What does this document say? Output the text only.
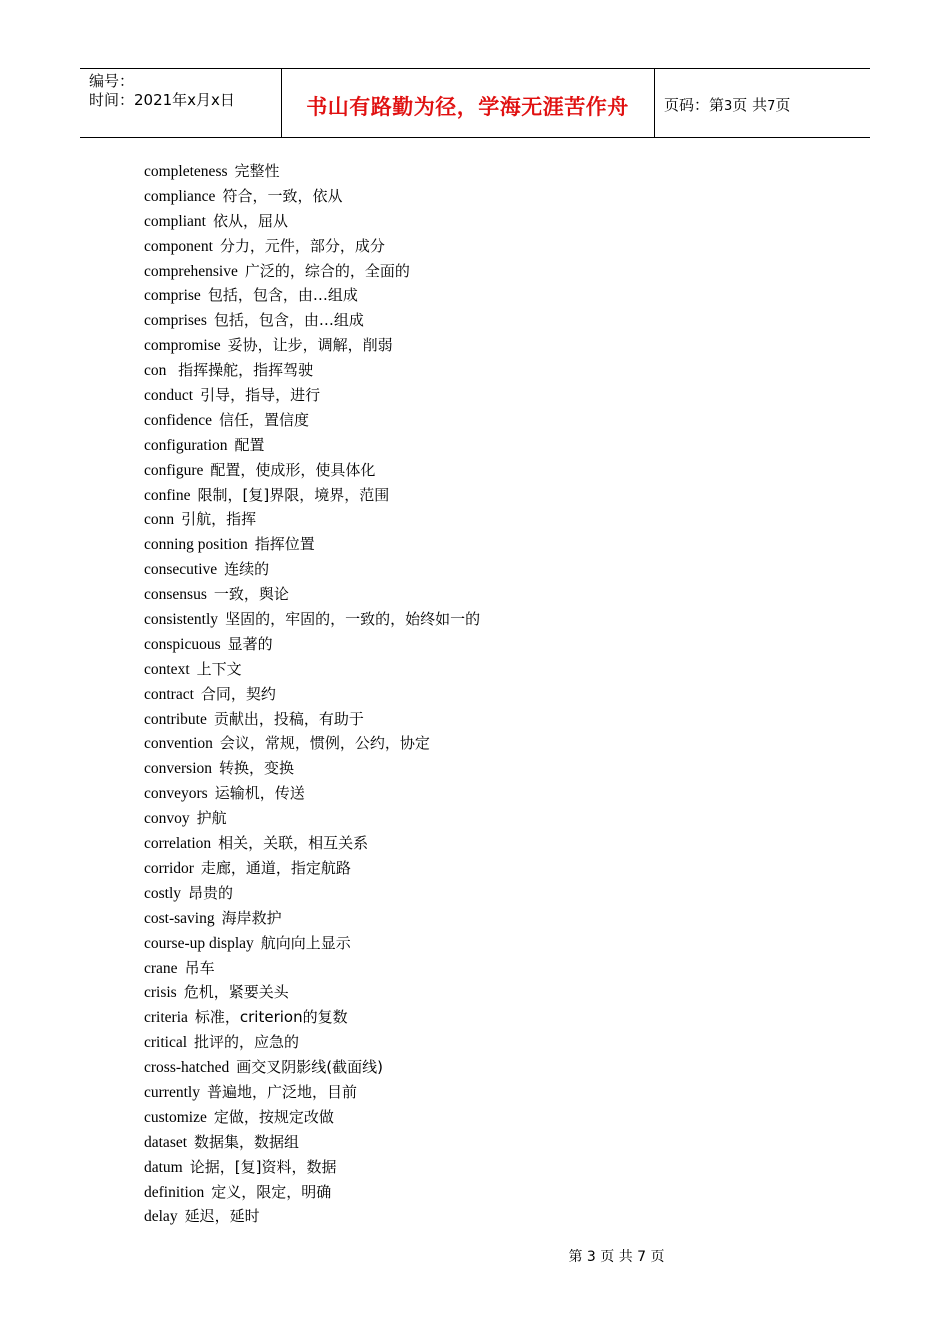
编号：
时间：2021年x月x日	书山有路勤为径，学海无涯苦作舟	页码：第3页 共7页
completeness 完整性
compliance 符合，一致，依从
compliant 依从，屈从
component 分力，元件，部分，成分
comprehensive 广泛的，综合的，全面的
comprise 包括，包含，由…组成
comprises 包括，包含，由…组成
compromise 妥协，让步，调解，削弱
con 指挥操舵，指挥驾驶
conduct 引导，指导，进行
confidence 信任，置信度
configuration 配置
configure 配置，使成形，使具体化
confine 限制，[复]界限，境界，范围
conn 引航，指挥
conning position 指挥位置
consecutive 连续的
consensus 一致，舆论
consistently 坚固的，牢固的，一致的，始终如一的
conspicuous 显著的
context 上下文
contract 合同，契约
contribute 贡献出，投稿，有助于
convention 会议，常规，惯例，公约，协定
conversion 转换，变换
conveyors 运输机，传送
convoy 护航
correlation 相关，关联，相互关系
corridor 走廊，通道，指定航路
costly 昂贵的
cost-saving 海岸救护
course-up display 航向向上显示
crane 吊车
crisis 危机，紧要关头
criteria 标准，criterion的复数
critical 批评的，应急的
cross-hatched 画交叉阴影线(截面线)
currently 普遍地，广泛地，目前
customize 定做，按规定改做
dataset 数据集，数据组
datum 论据，[复]资料，数据
definition 定义，限定，明确
delay 延迟，延时
第 3 页 共 7 页
